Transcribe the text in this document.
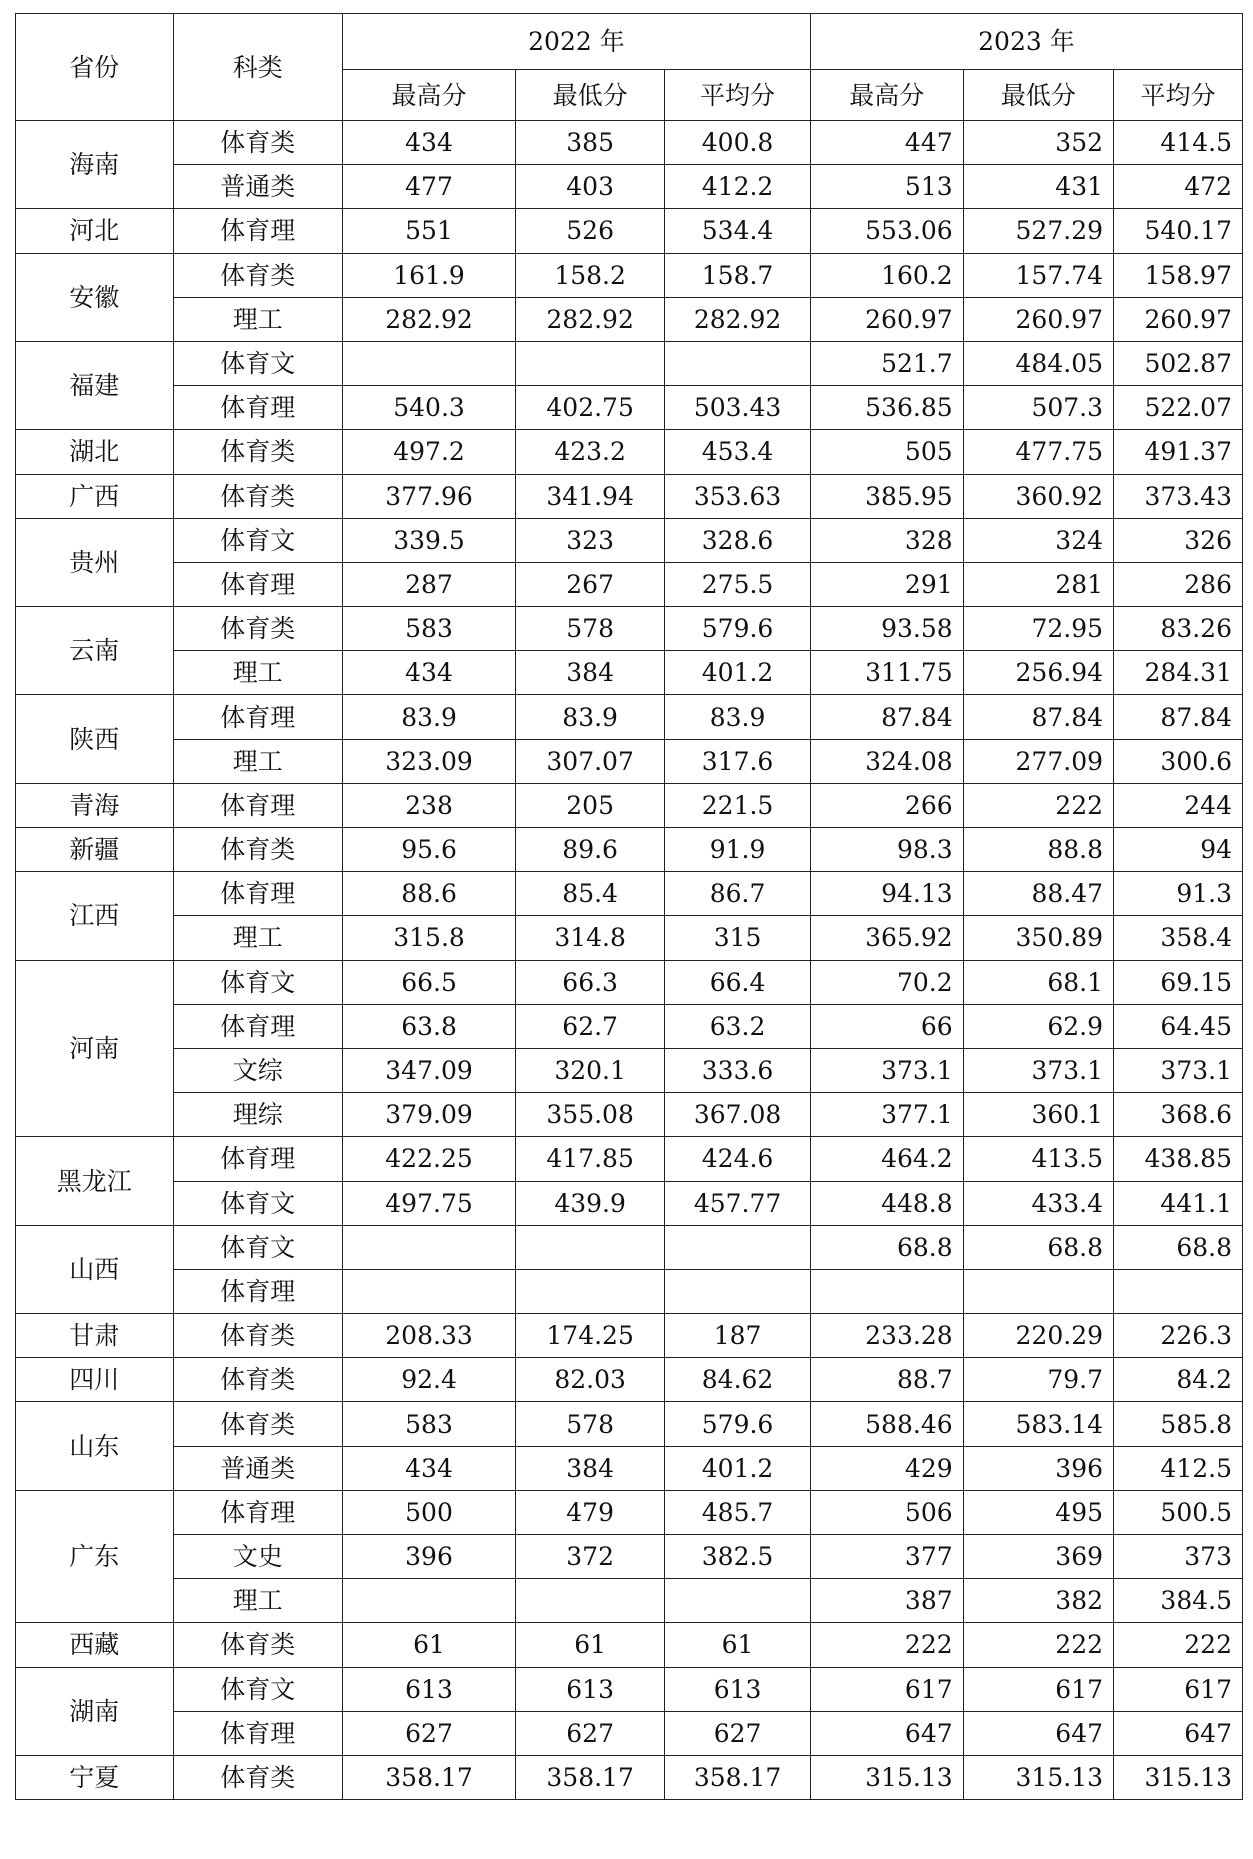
省份	科类	2022 年			2023 年		
		最高分	最低分	平均分	最高分	最低分	平均分
海南	体育类	434	385	400.8	447	352	414.5
	普通类	477	403	412.2	513	431	472
河北	体育理	551	526	534.4	553.06	527.29	540.17
安徽	体育类	161.9	158.2	158.7	160.2	157.74	158.97
	理工	282.92	282.92	282.92	260.97	260.97	260.97
福建	体育文				521.7	484.05	502.87
	体育理	540.3	402.75	503.43	536.85	507.3	522.07
湖北	体育类	497.2	423.2	453.4	505	477.75	491.37
广西	体育类	377.96	341.94	353.63	385.95	360.92	373.43
贵州	体育文	339.5	323	328.6	328	324	326
	体育理	287	267	275.5	291	281	286
云南	体育类	583	578	579.6	93.58	72.95	83.26
	理工	434	384	401.2	311.75	256.94	284.31
陕西	体育理	83.9	83.9	83.9	87.84	87.84	87.84
	理工	323.09	307.07	317.6	324.08	277.09	300.6
青海	体育理	238	205	221.5	266	222	244
新疆	体育类	95.6	89.6	91.9	98.3	88.8	94
江西	体育理	88.6	85.4	86.7	94.13	88.47	91.3
	理工	315.8	314.8	315	365.92	350.89	358.4
河南	体育文	66.5	66.3	66.4	70.2	68.1	69.15
	体育理	63.8	62.7	63.2	66	62.9	64.45
	文综	347.09	320.1	333.6	373.1	373.1	373.1
	理综	379.09	355.08	367.08	377.1	360.1	368.6
黑龙江	体育理	422.25	417.85	424.6	464.2	413.5	438.85
	体育文	497.75	439.9	457.77	448.8	433.4	441.1
山西	体育文				68.8	68.8	68.8
	体育理						
甘肃	体育类	208.33	174.25	187	233.28	220.29	226.3
四川	体育类	92.4	82.03	84.62	88.7	79.7	84.2
山东	体育类	583	578	579.6	588.46	583.14	585.8
	普通类	434	384	401.2	429	396	412.5
广东	体育理	500	479	485.7	506	495	500.5
	文史	396	372	382.5	377	369	373
	理工				387	382	384.5
西藏	体育类	61	61	61	222	222	222
湖南	体育文	613	613	613	617	617	617
	体育理	627	627	627	647	647	647
宁夏	体育类	358.17	358.17	358.17	315.13	315.13	315.13
